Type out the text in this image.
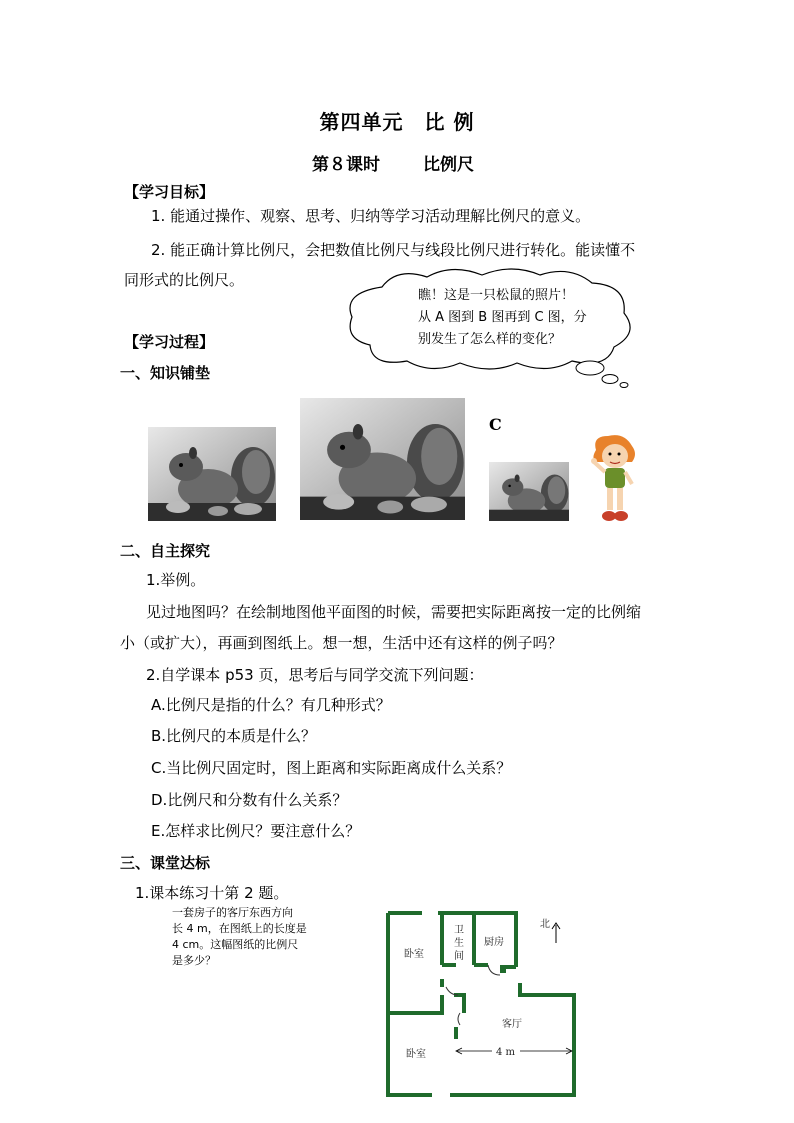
第四单元　比 例
第８课时	比例尺
【学习目标】
1. 能通过操作、观察、思考、归纳等学习活动理解比例尺的意义。
2. 能正确计算比例尺，会把数值比例尺与线段比例尺进行转化。能读懂不
同形式的比例尺。
瞧！这是一只松鼠的照片！
从 A 图到 B 图再到 C 图，分
别发生了怎么样的变化？
【学习过程】
一、知识铺垫
C
二、自主探究
1.举例。
见过地图吗？在绘制地图他平面图的时候，需要把实际距离按一定的比例缩
小（或扩大），再画到图纸上。想一想，生活中还有这样的例子吗？
2.自学课本 p53 页，思考后与同学交流下列问题：
A.比例尺是指的什么？有几种形式？
B.比例尺的本质是什么？
C.当比例尺固定时，图上距离和实际距离成什么关系？
D.比例尺和分数有什么关系？
E.怎样求比例尺？要注意什么？
三、课堂达标
1.课本练习十第 2 题。
一套房子的客厅东西方向
长 4 m，在图纸上的长度是
4 cm。这幅图纸的比例尺
是多少？
北
卧室
卫
生
间
厨房
客厅
卧室	4 m
